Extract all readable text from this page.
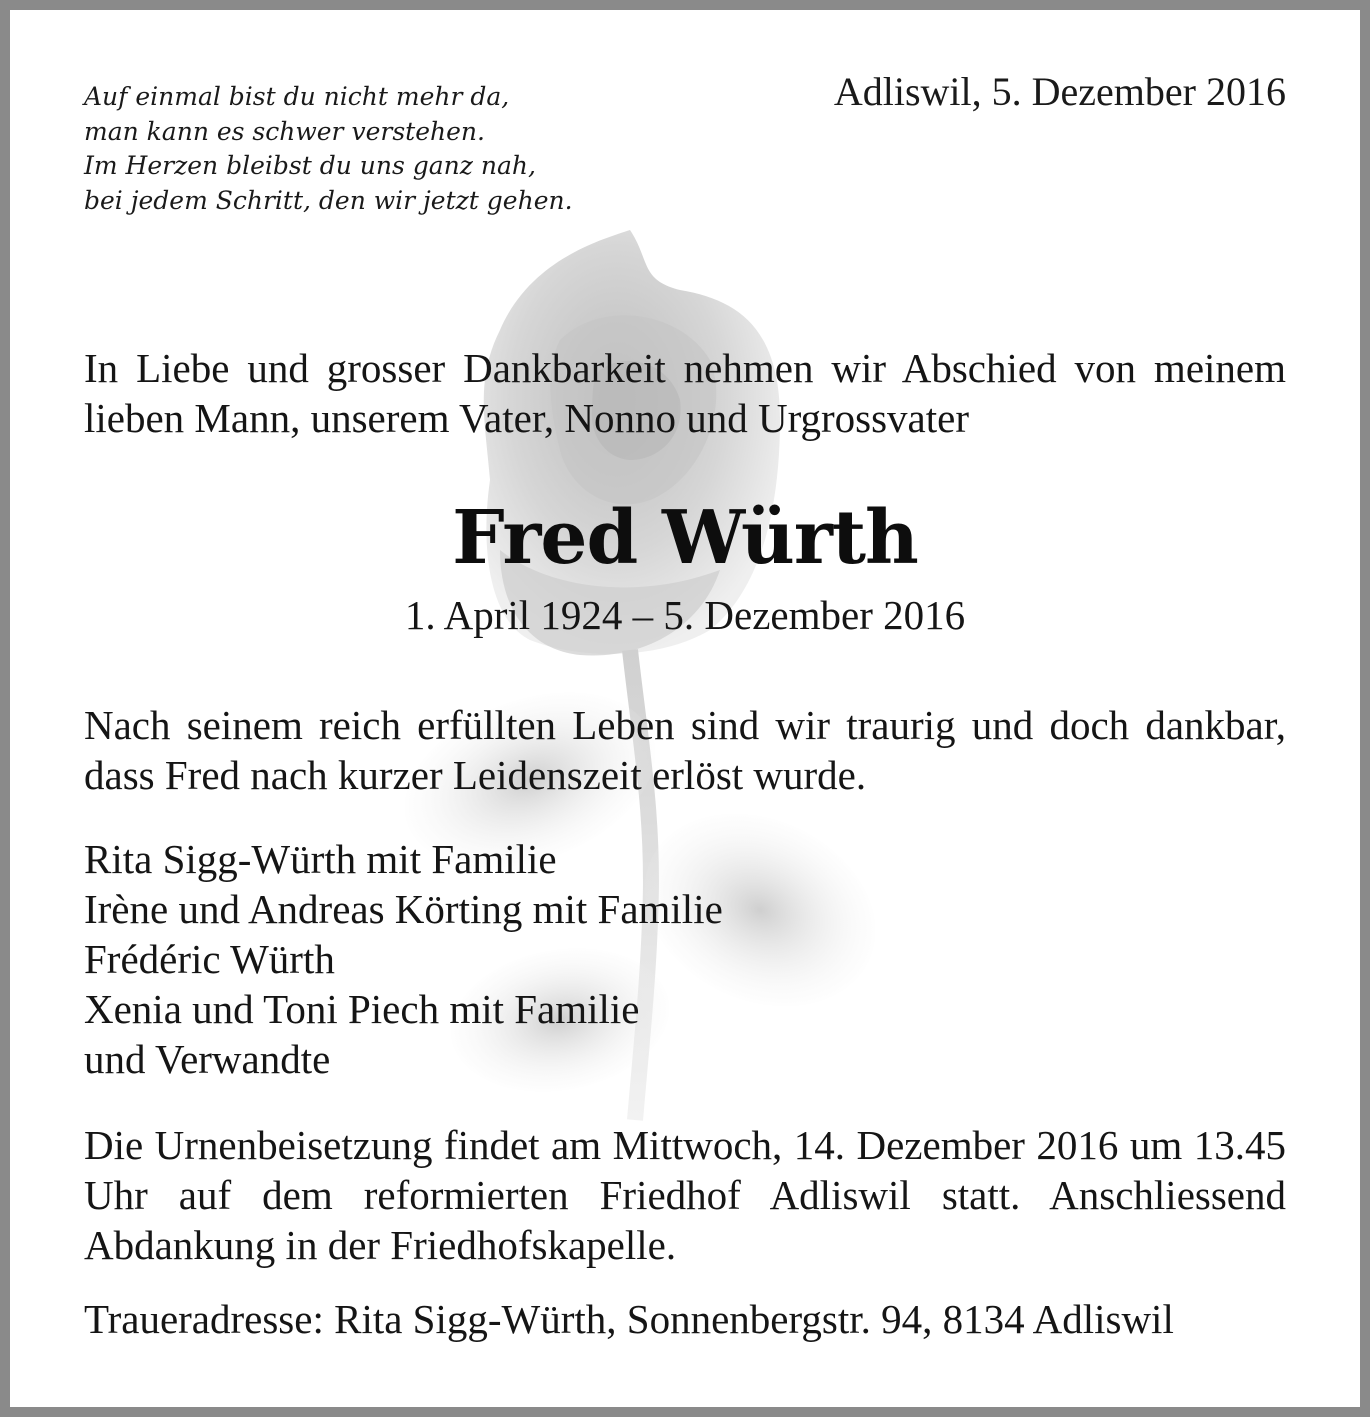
Auf einmal bist du nicht mehr da,
man kann es schwer verstehen.
Im Herzen bleibst du uns ganz nah,
bei jedem Schritt, den wir jetzt gehen.
Adliswil, 5. Dezember 2016
In Liebe und grosser Dankbarkeit nehmen wir Abschied von meinem lieben Mann, unserem Vater, Nonno und Urgrossvater
Fred Würth
1. April 1924 – 5. Dezember 2016
Nach seinem reich erfüllten Leben sind wir traurig und doch dankbar, dass Fred nach kurzer Leidenszeit erlöst wurde.
Rita Sigg-Würth mit Familie
Irène und Andreas Körting mit Familie
Frédéric Würth
Xenia und Toni Piech mit Familie
und Verwandte
Die Urnenbeisetzung findet am Mittwoch, 14. Dezember 2016 um 13.45 Uhr auf dem reformierten Friedhof Adliswil statt. Anschliessend Abdankung in der Friedhofskapelle.
Traueradresse: Rita Sigg-Würth, Sonnenbergstr. 94, 8134 Adliswil
